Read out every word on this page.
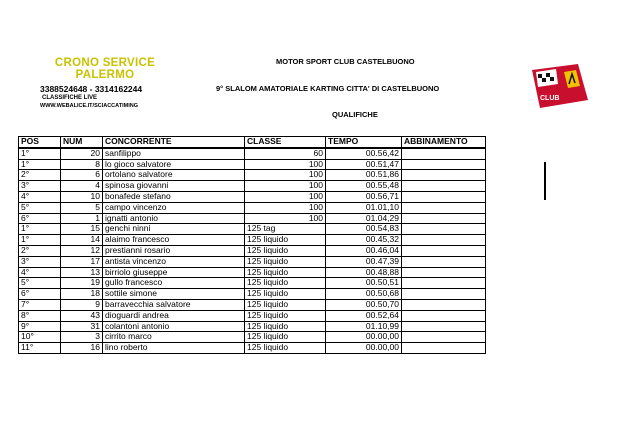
CRONO SERVICE
PALERMO
3388524648 - 3314162244
CLASSIFICHE LIVE
WWW.WEBALICE.IT/SCIACCATIMING
MOTOR SPORT CLUB CASTELBUONO
9° SLALOM AMATORIALE KARTING CITTA' DI CASTELBUONO
QUALIFICHE
CLUB
POS	NUM	CONCORRENTE	CLASSE	TEMPO	ABBINAMENTO
1°	20	sanfilippo	60	00.56,42	
1°	8	lo gioco salvatore	100	00.51,47	
2°	6	ortolano salvatore	100	00.51,86	
3°	4	spinosa giovanni	100	00.55,48	
4°	10	bonafede stefano	100	00.56,71	
5°	5	campo vincenzo	100	01.01,10	
6°	1	ignatti antonio	100	01.04,29	
1°	15	genchi ninni	125 tag	00.54,83	
1°	14	alaimo francesco	125 liquido	00.45,32	
2°	12	prestianni rosario	125 liquido	00.46,04	
3°	17	antista vincenzo	125 liquido	00.47,39	
4°	13	birriolo giuseppe	125 liquido	00.48,88	
5°	19	gullo francesco	125 liquido	00.50,51	
6°	18	sottile simone	125 liquido	00.50,68	
7°	9	barravecchia salvatore	125 liquido	00.50,70	
8°	43	dioguardi andrea	125 liquido	00.52,64	
9°	31	colantoni antonio	125 liquido	01.10,99	
10°	3	cirrito marco	125 liquido	00.00,00	
11°	16	lino roberto	125 liquido	00.00,00	
